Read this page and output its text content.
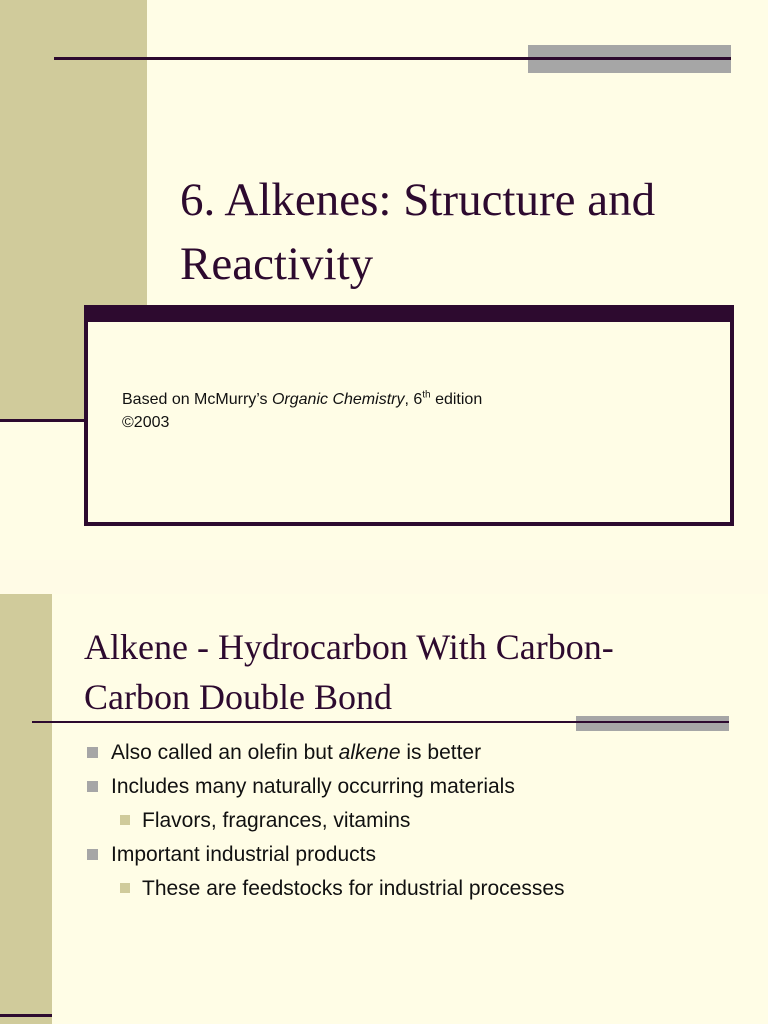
6. Alkenes: Structure and
Reactivity

Based on McMurry’s Organic Chemistry, 6th edition
©2003

Alkene - Hydrocarbon With Carbon-
Carbon Double Bond
Also called an olefin but alkene is better
Includes many naturally occurring materials
Flavors, fragrances, vitamins
Important industrial products
These are feedstocks for industrial processes
